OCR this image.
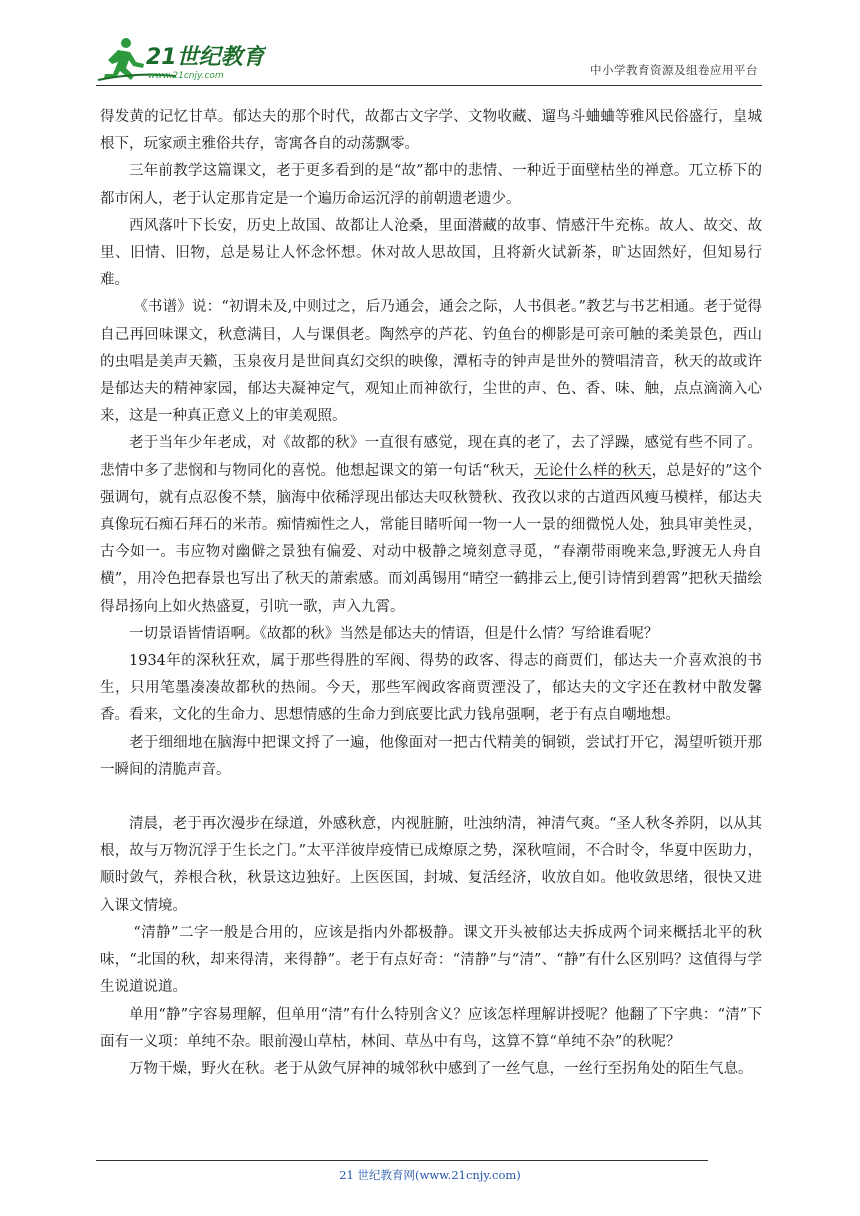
21世纪教育
www.21cnjy.com	中小学教育资源及组卷应用平台

得发黄的记忆甘草。郁达夫的那个时代，故都古文字学、文物收藏、遛鸟斗蛐蛐等雅风民俗盛行，皇城根下，玩家顽主雅俗共存，寄寓各自的动荡飘零。

三年前教学这篇课文，老于更多看到的是“故”都中的悲情、一种近于面壁枯坐的禅意。兀立桥下的都市闲人，老于认定那肯定是一个遍历命运沉浮的前朝遗老遗少。

西风落叶下长安，历史上故国、故都让人沧桑，里面潜藏的故事、情感汗牛充栋。故人、故交、故里、旧情、旧物，总是易让人怀念怀想。休对故人思故国，且将新火试新茶，旷达固然好，但知易行难。

《书谱》说：“初谓未及,中则过之，后乃通会，通会之际，人书俱老。”教艺与书艺相通。老于觉得自己再回味课文，秋意满目，人与课俱老。陶然亭的芦花、钓鱼台的柳影是可亲可触的柔美景色，西山的虫唱是美声天籁，玉泉夜月是世间真幻交织的映像，潭柘寺的钟声是世外的赞唱清音，秋天的故或许是郁达夫的精神家园，郁达夫凝神定气，观知止而神欲行，尘世的声、色、香、味、触，点点滴滴入心来，这是一种真正意义上的审美观照。

老于当年少年老成，对《故都的秋》一直很有感觉，现在真的老了，去了浮躁，感觉有些不同了。悲情中多了悲悯和与物同化的喜悦。他想起课文的第一句话“秋天，无论什么样的秋天，总是好的”这个强调句，就有点忍俊不禁，脑海中依稀浮现出郁达夫叹秋赞秋、孜孜以求的古道西风瘦马模样，郁达夫真像玩石痴石拜石的米芾。痴情痴性之人，常能目睹听闻一物一人一景的细微悦人处，独具审美性灵，古今如一。韦应物对幽僻之景独有偏爱、对动中极静之境刻意寻觅，“春潮带雨晚来急,野渡无人舟自横”，用冷色把春景也写出了秋天的萧索感。而刘禹锡用“晴空一鹤排云上,便引诗情到碧霄”把秋天描绘得昂扬向上如火热盛夏，引吭一歌，声入九霄。

一切景语皆情语啊。《故都的秋》当然是郁达夫的情语，但是什么情？写给谁看呢？

1934年的深秋狂欢，属于那些得胜的军阀、得势的政客、得志的商贾们，郁达夫一介喜欢浪的书生，只用笔墨凑凑故都秋的热闹。今天，那些军阀政客商贾湮没了，郁达夫的文字还在教材中散发馨香。看来，文化的生命力、思想情感的生命力到底要比武力钱帛强啊，老于有点自嘲地想。

老于细细地在脑海中把课文捋了一遍，他像面对一把古代精美的铜锁，尝试打开它，渴望听锁开那一瞬间的清脆声音。

清晨，老于再次漫步在绿道，外感秋意，内视脏腑，吐浊纳清，神清气爽。“圣人秋冬养阴，以从其根，故与万物沉浮于生长之门。”太平洋彼岸疫情已成燎原之势，深秋喧闹，不合时令，华夏中医助力，顺时敛气，养根合秋，秋景这边独好。上医医国，封城、复活经济，收放自如。他收敛思绪，很快又进入课文情境。

“清静”二字一般是合用的，应该是指内外都极静。课文开头被郁达夫拆成两个词来概括北平的秋味，“北国的秋，却来得清，来得静”。老于有点好奇：“清静”与“清”、“静”有什么区别吗？这值得与学生说道说道。

单用“静”字容易理解，但单用“清”有什么特别含义？应该怎样理解讲授呢？他翻了下字典：“清”下面有一义项：单纯不杂。眼前漫山草枯，林间、草丛中有鸟，这算不算“单纯不杂”的秋呢？

万物干燥，野火在秋。老于从敛气屏神的城邻秋中感到了一丝气息，一丝行至拐角处的陌生气息。

21 世纪教育网(www.21cnjy.com)
